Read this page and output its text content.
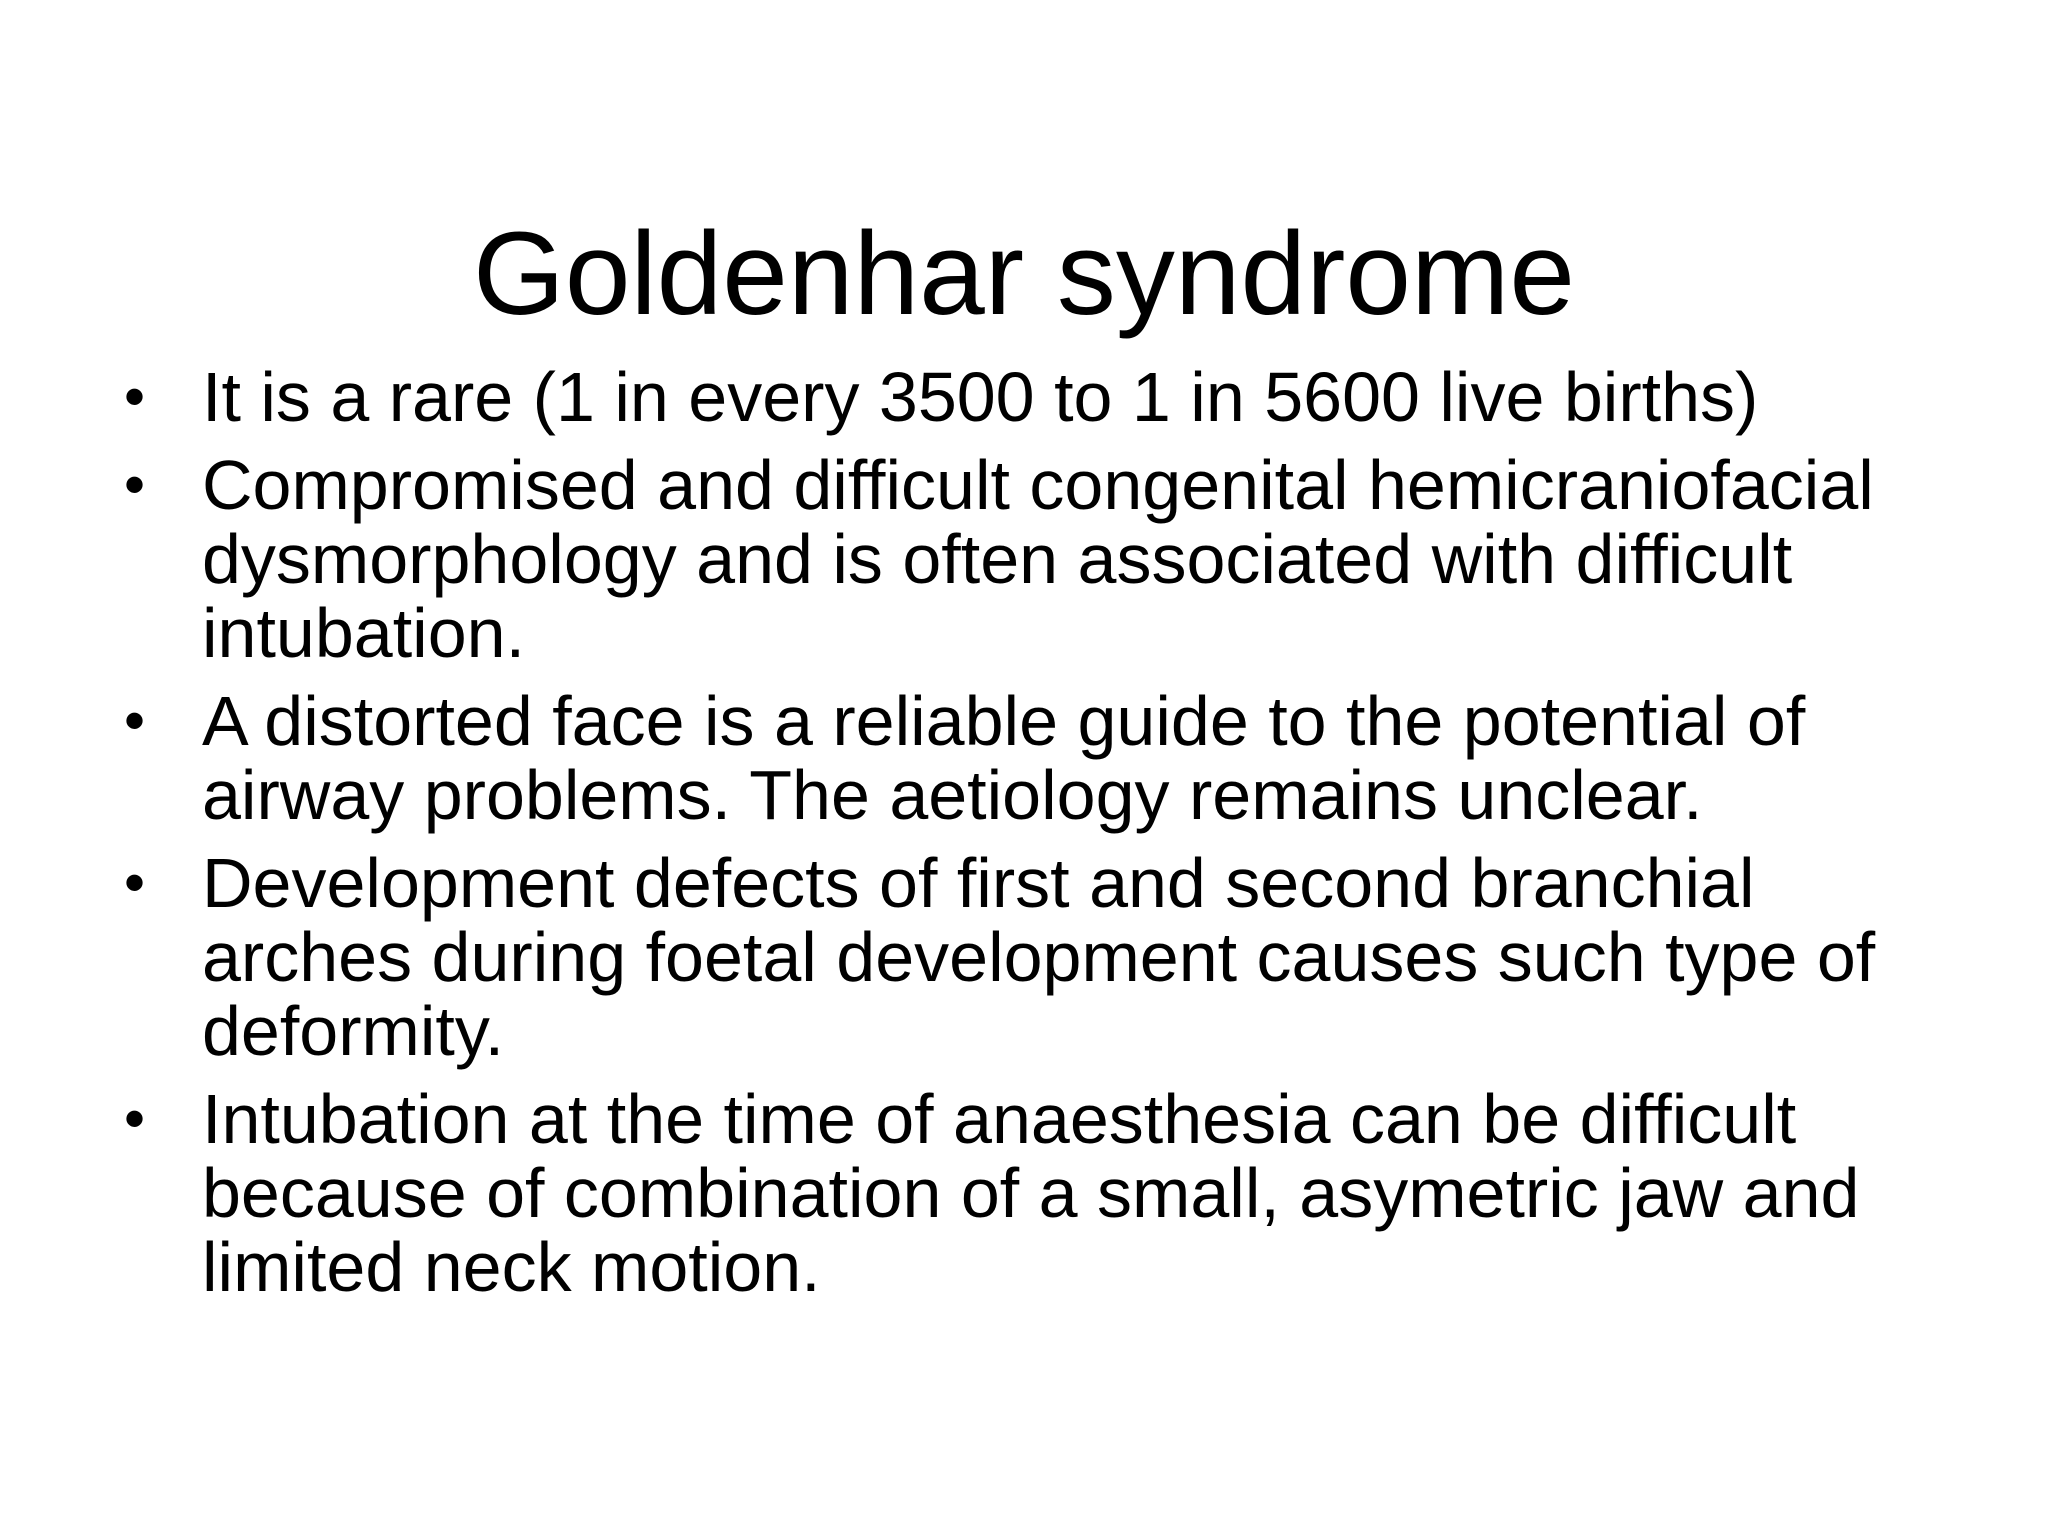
Goldenhar syndrome
• It is a rare (1 in every 3500 to 1 in 5600 live births)
• Compromised and difficult congenital hemicraniofacial dysmorphology and is often associated with difficult intubation.
• A distorted face is a reliable guide to the potential of airway problems. The aetiology remains unclear.
• Development defects of first and second branchial arches during foetal development causes such type of deformity.
• Intubation at the time of anaesthesia can be difficult because of combination of a small, asymetric jaw and limited neck motion.
